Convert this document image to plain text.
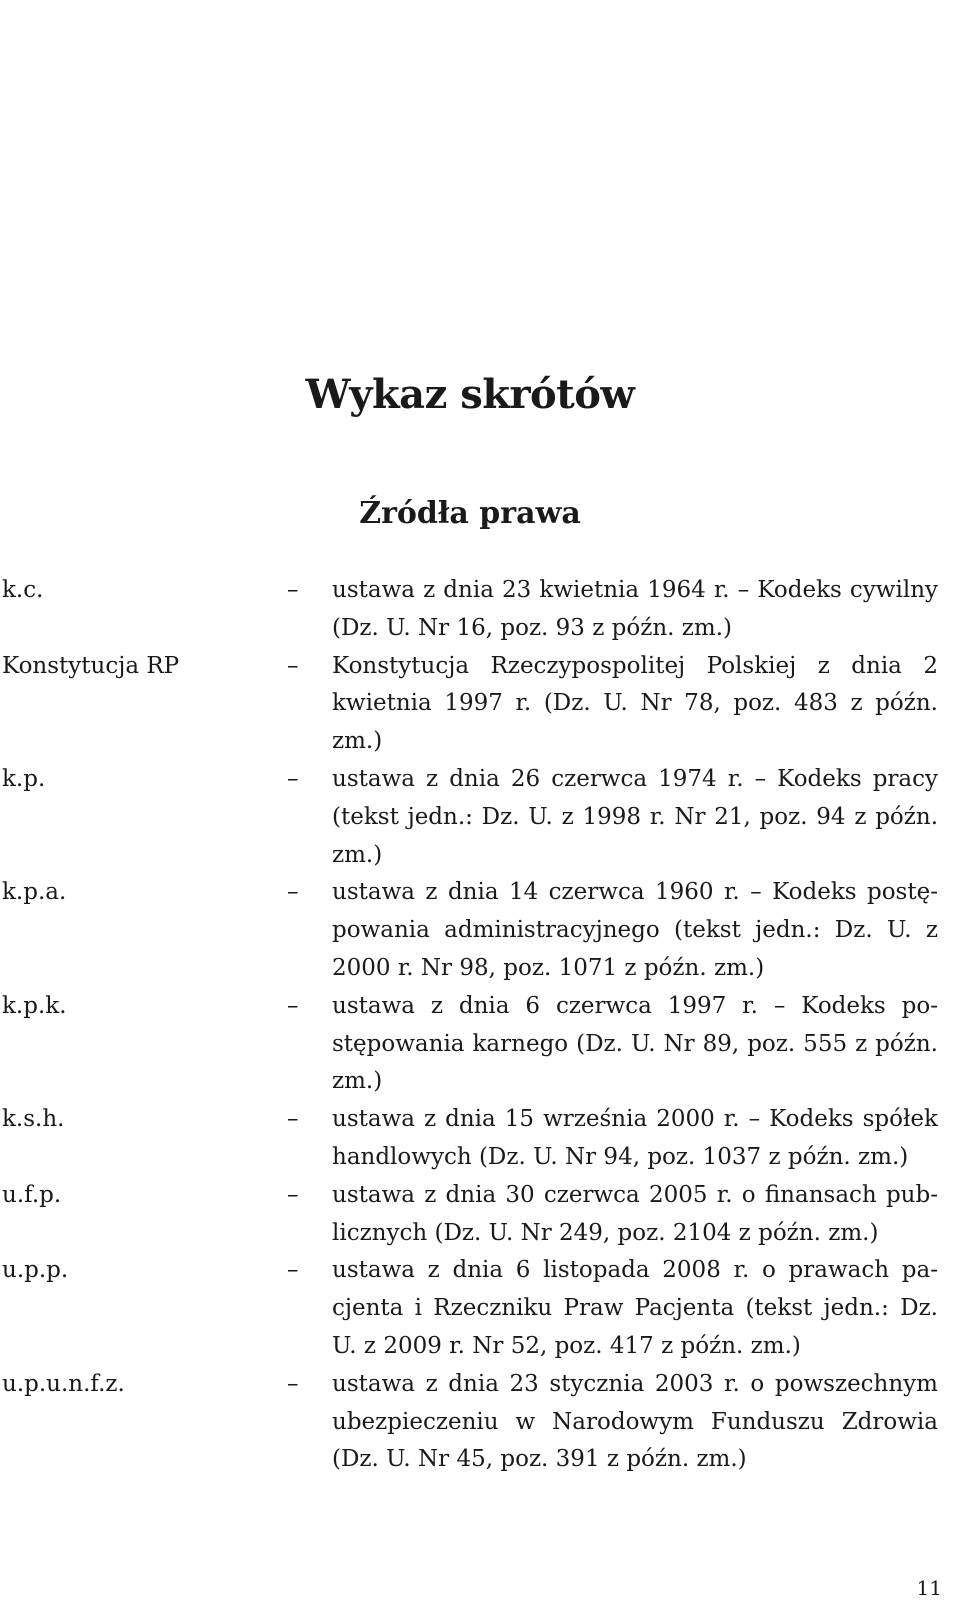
Wykaz skrótów
Źródła prawa
k.c.	– ustawa z dnia 23 kwietnia 1964 r. – Kodeks cywilny (Dz. U. Nr 16, poz. 93 z późn. zm.)
Konstytucja RP	– Konstytucja Rzeczypospolitej Polskiej z dnia 2 kwietnia 1997 r. (Dz. U. Nr 78, poz. 483 z późn. zm.)
k.p.	– ustawa z dnia 26 czerwca 1974 r. – Kodeks pracy (tekst jedn.: Dz. U. z 1998 r. Nr 21, poz. 94 z późn. zm.)
k.p.a.	– ustawa z dnia 14 czerwca 1960 r. – Kodeks postępowania administracyjnego (tekst jedn.: Dz. U. z 2000 r. Nr 98, poz. 1071 z późn. zm.)
k.p.k.	– ustawa z dnia 6 czerwca 1997 r. – Kodeks postępowania karnego (Dz. U. Nr 89, poz. 555 z późn. zm.)
k.s.h.	– ustawa z dnia 15 września 2000 r. – Kodeks spółek handlowych (Dz. U. Nr 94, poz. 1037 z późn. zm.)
u.f.p.	– ustawa z dnia 30 czerwca 2005 r. o finansach publicznych (Dz. U. Nr 249, poz. 2104 z późn. zm.)
u.p.p.	– ustawa z dnia 6 listopada 2008 r. o prawach pacjenta i Rzeczniku Praw Pacjenta (tekst jedn.: Dz. U. z 2009 r. Nr 52, poz. 417 z późn. zm.)
u.p.u.n.f.z.	– ustawa z dnia 23 stycznia 2003 r. o powszechnym ubezpieczeniu w Narodowym Funduszu Zdrowia (Dz. U. Nr 45, poz. 391 z późn. zm.)
11
